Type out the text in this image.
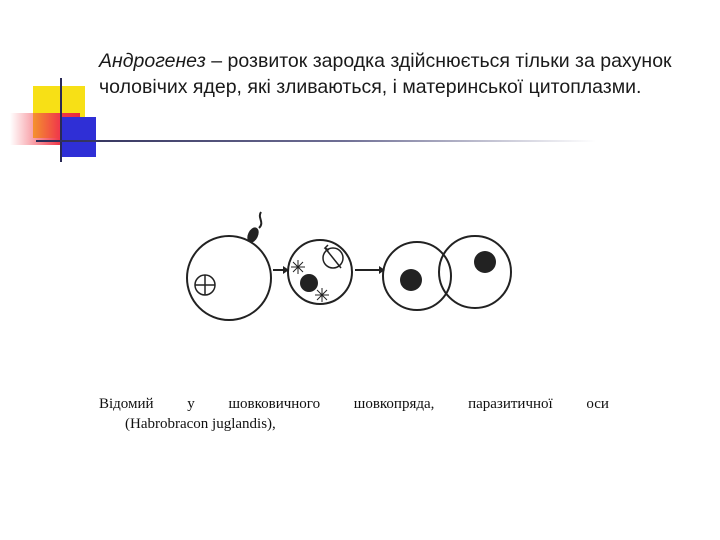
Андрогенез – розвиток зародка здійснюється тільки за рахунок чоловічих ядер, які зливаються, і материнської цитоплазми.
Відомий у шовковичного шовкопряда, паразитичної оси
(Habrobracon juglandis),
